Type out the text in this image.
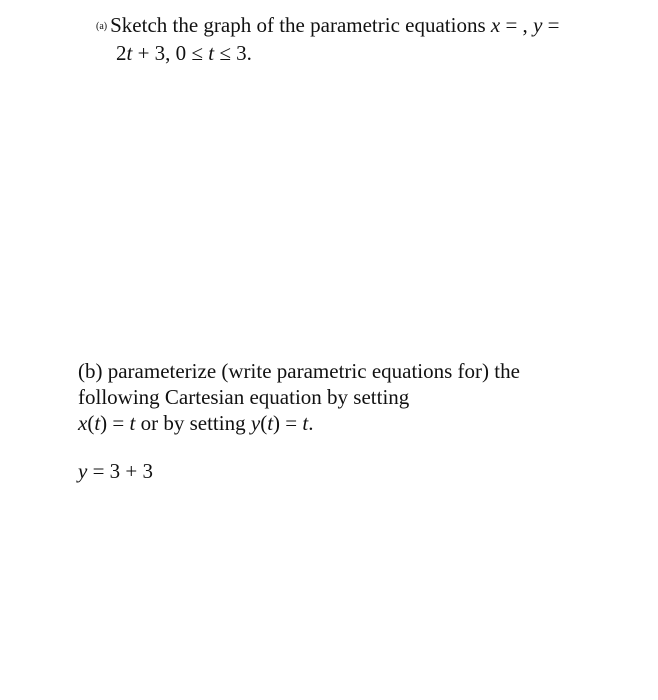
(a) Sketch the graph of the parametric equations x = , y =
2t + 3, 0 ≤ t ≤ 3.
(b) parameterize (write parametric equations for) the
following Cartesian equation by setting
x(t) = t or by setting y(t) = t.
y = 3 + 3
